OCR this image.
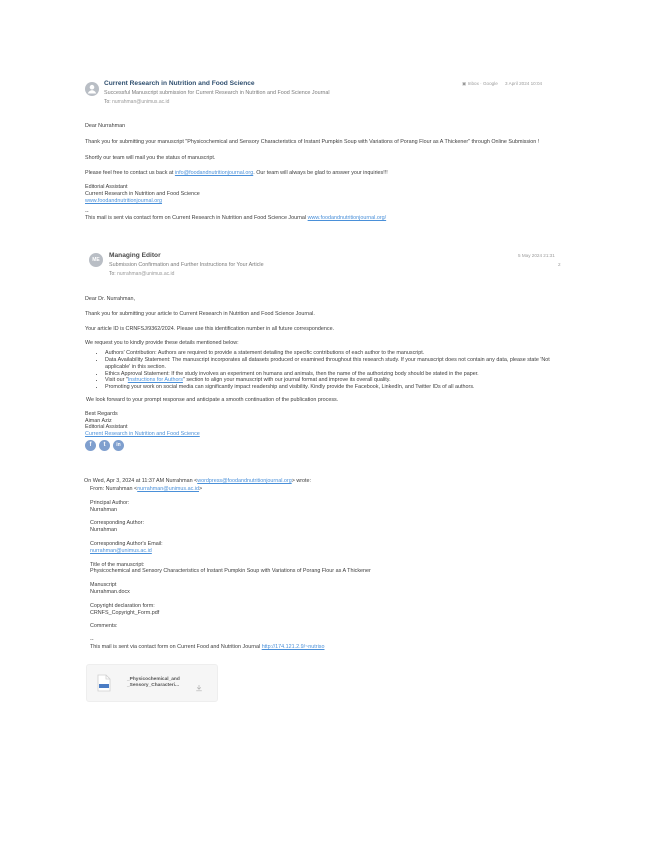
Current Research in Nutrition and Food Science
Successful Manuscript submission for Current Research in Nutrition and Food Science Journal
To: nurrahman@unimus.ac.id
▣ Inbox · Google 3 April 2024 10:04
Dear Nurrahman
Thank you for submitting your manuscript "Physicochemical and Sensory Characteristics of Instant Pumpkin Soup with Variations of Porang Flour as A Thickener" through Online Submission !
Shortly our team will mail you the status of manuscript.
Please feel free to contact us back at info@foodandnutritionjournal.org. Our team will always be glad to answer your inquiries!!!
Editorial Assistant
Current Research in Nutrition and Food Science
www.foodandnutritionjournal.org
--
This mail is sent via contact form on Current Research in Nutrition and Food Science Journal www.foodandnutritionjournal.org/
ME
Managing Editor
Submission Confirmation and Further Instructions for Your Article
To: nurrahman@unimus.ac.id
5 May 2024 21:31
2
Dear Dr. Nurrahman,
Thank you for submitting your article to Current Research in Nutrition and Food Science Journal.
Your article ID is CRNFSJ/9362/2024. Please use this identification number in all future correspondence.
We request you to kindly provide these details mentioned below:
• Authors' Contribution: Authors are required to provide a statement detailing the specific contributions of each author to the manuscript.
• Data Availability Statement: The manuscript incorporates all datasets produced or examined throughout this research study. If your manuscript does not contain any data, please state 'Not applicable' in this section.
• Ethics Approval Statement: If the study involves an experiment on humans and animals, then the name of the authorizing body should be stated in the paper.
• Visit our "Instructions for Authors" section to align your manuscript with our journal format and improve its overall quality.
• Promoting your work on social media can significantly impact readership and visibility. Kindly provide the Facebook, LinkedIn, and Twitter IDs of all authors.
We look forward to your prompt response and anticipate a smooth continuation of the publication process.
Best Regards
Aiman Aziz
Editorial Assistant
Current Research in Nutrition and Food Science
f t in
On Wed, Apr 3, 2024 at 11:37 AM Nurrahman <wordpress@foodandnutritionjournal.org> wrote:
From: Nurrahman <nurrahman@unimus.ac.id>
Principal Author:
Nurrahman
Corresponding Author:
Nurrahman
Corresponding Author's Email:
nurrahman@unimus.ac.id
Title of the manuscript:
Physicochemical and Sensory Characteristics of Instant Pumpkin Soup with Variations of Porang Flour as A Thickener
Manuscript
Nurrahman.docx
Copyright declaration form:
CRNFS_Copyright_Form.pdf
Comments:
--
This mail is sent via contact form on Current Food and Nutrition Journal http://174.121.2.9/~nutriso
_Physicochemical_and
_Sensory_Characteri...
